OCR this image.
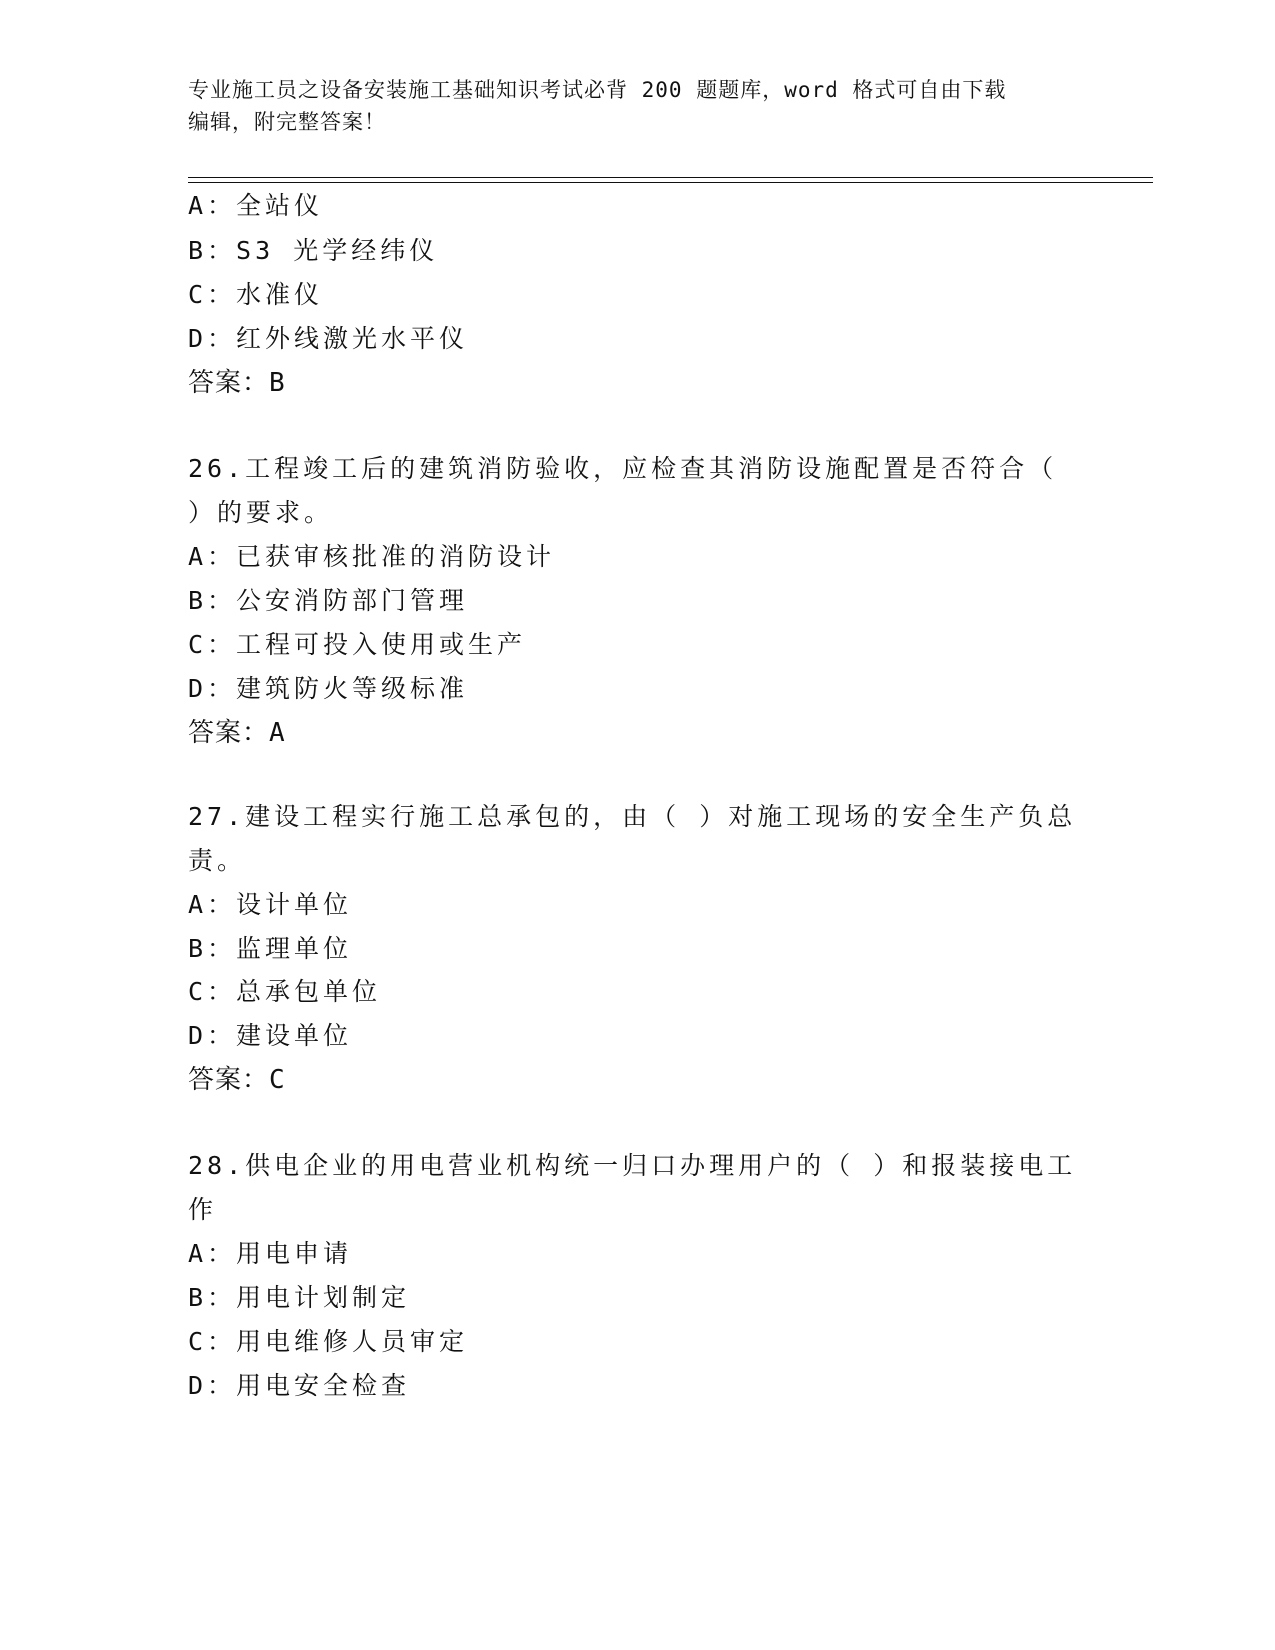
专业施工员之设备安装施工基础知识考试必背 200 题题库，word 格式可自由下载
编辑，附完整答案！
A：全站仪
B：S3 光学经纬仪
C：水准仪
D：红外线激光水平仪
答案：B
26.工程竣工后的建筑消防验收，应检查其消防设施配置是否符合（
）的要求。
A：已获审核批准的消防设计
B：公安消防部门管理
C：工程可投入使用或生产
D：建筑防火等级标准
答案：A
27.建设工程实行施工总承包的，由（ ）对施工现场的安全生产负总
责。
A：设计单位
B：监理单位
C：总承包单位
D：建设单位
答案：C
28.供电企业的用电营业机构统一归口办理用户的（ ）和报装接电工
作
A：用电申请
B：用电计划制定
C：用电维修人员审定
D：用电安全检查
